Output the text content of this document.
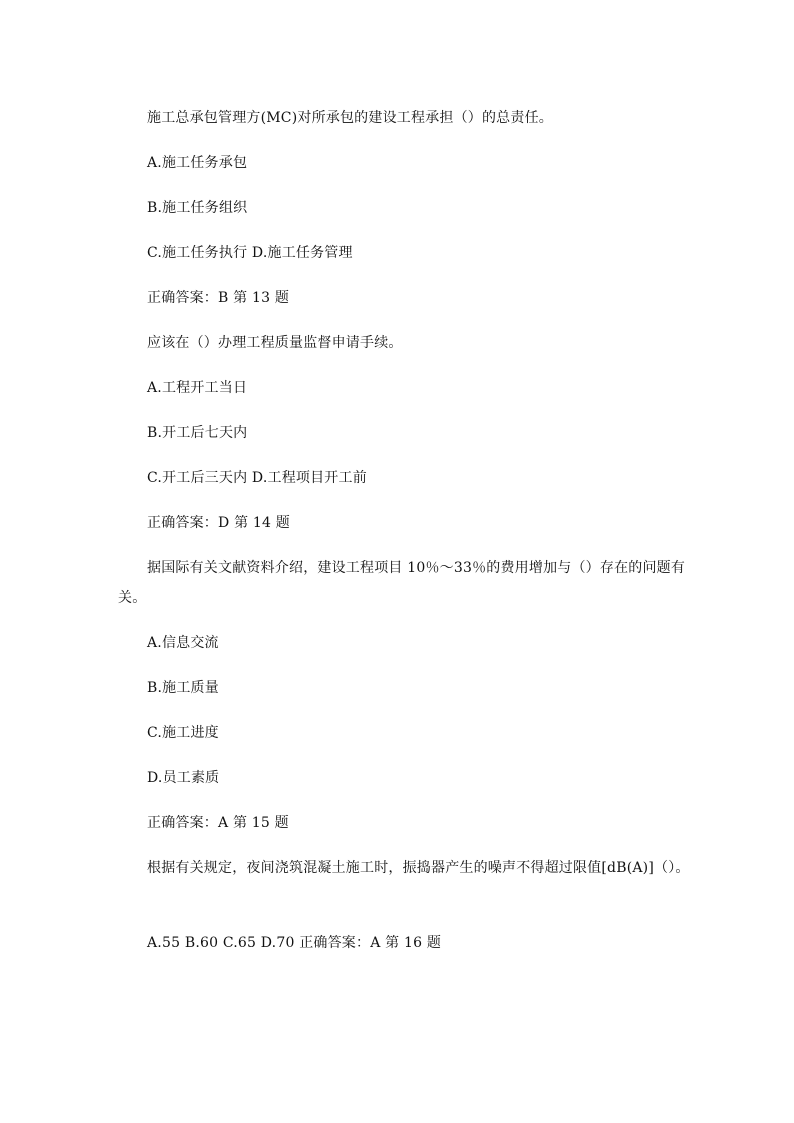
施工总承包管理方(MC)对所承包的建设工程承担（）的总责任。
A.施工任务承包
B.施工任务组织
C.施工任务执行 D.施工任务管理
正确答案：B 第 13 题
应该在（）办理工程质量监督申请手续。
A.工程开工当日
B.开工后七天内
C.开工后三天内 D.工程项目开工前
正确答案：D 第 14 题
据国际有关文献资料介绍，建设工程项目 10％～33％的费用增加与（）存在的问题有
关。
A.信息交流
B.施工质量
C.施工进度
D.员工素质
正确答案：A 第 15 题
根据有关规定，夜间浇筑混凝土施工时，振捣器产生的噪声不得超过限值[dB(A)]（）。
A.55 B.60 C.65 D.70 正确答案：A 第 16 题
